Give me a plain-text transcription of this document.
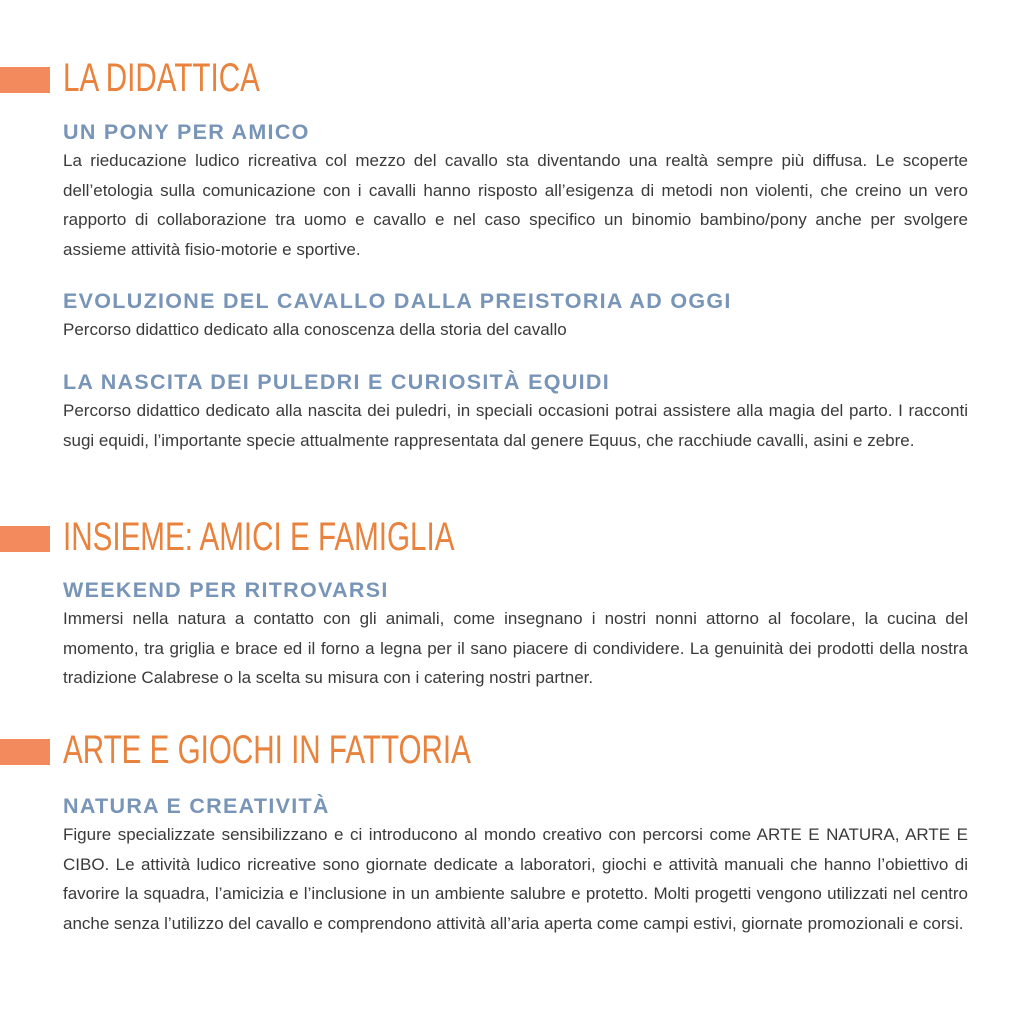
LA DIDATTICA
UN PONY PER AMICO

La rieducazione ludico ricreativa col mezzo del cavallo sta diventando una realtà sempre più diffusa. Le scoperte dell’etologia sulla comunicazione con i cavalli hanno risposto all’esigenza di metodi non violenti, che creino un vero rapporto di collaborazione tra uomo e cavallo e nel caso specifico un binomio bambino/pony anche per svolgere assieme attività fisio-motorie e sportive.

EVOLUZIONE DEL CAVALLO DALLA PREISTORIA AD OGGI

Percorso didattico dedicato alla conoscenza della storia del cavallo

LA NASCITA DEI PULEDRI E CURIOSITÀ EQUIDI

Percorso didattico dedicato alla nascita dei puledri, in speciali occasioni potrai assistere alla magia del parto. I racconti sugi equidi, l’importante specie attualmente rappresentata dal genere Equus, che racchiude cavalli, asini e zebre.

INSIEME: AMICI E FAMIGLIA
WEEKEND PER RITROVARSI

Immersi nella natura a contatto con gli animali, come insegnano i nostri nonni attorno al focolare, la cucina del momento, tra griglia e brace ed il forno a legna per il sano piacere di condividere. La genuinità dei prodotti della nostra tradizione Calabrese o la scelta su misura con i catering nostri partner.

ARTE E GIOCHI IN FATTORIA
NATURA E CREATIVITÀ

Figure specializzate sensibilizzano e ci introducono al mondo creativo con percorsi come ARTE E NATURA, ARTE E CIBO. Le attività ludico ricreative sono giornate dedicate a laboratori, giochi e attività manuali che hanno l’obiettivo di favorire la squadra, l’amicizia e l’inclusione in un ambiente salubre e protetto. Molti progetti vengono utilizzati nel centro anche senza l’utilizzo del cavallo e comprendono attività all’aria aperta come campi estivi, giornate promozionali e corsi.
